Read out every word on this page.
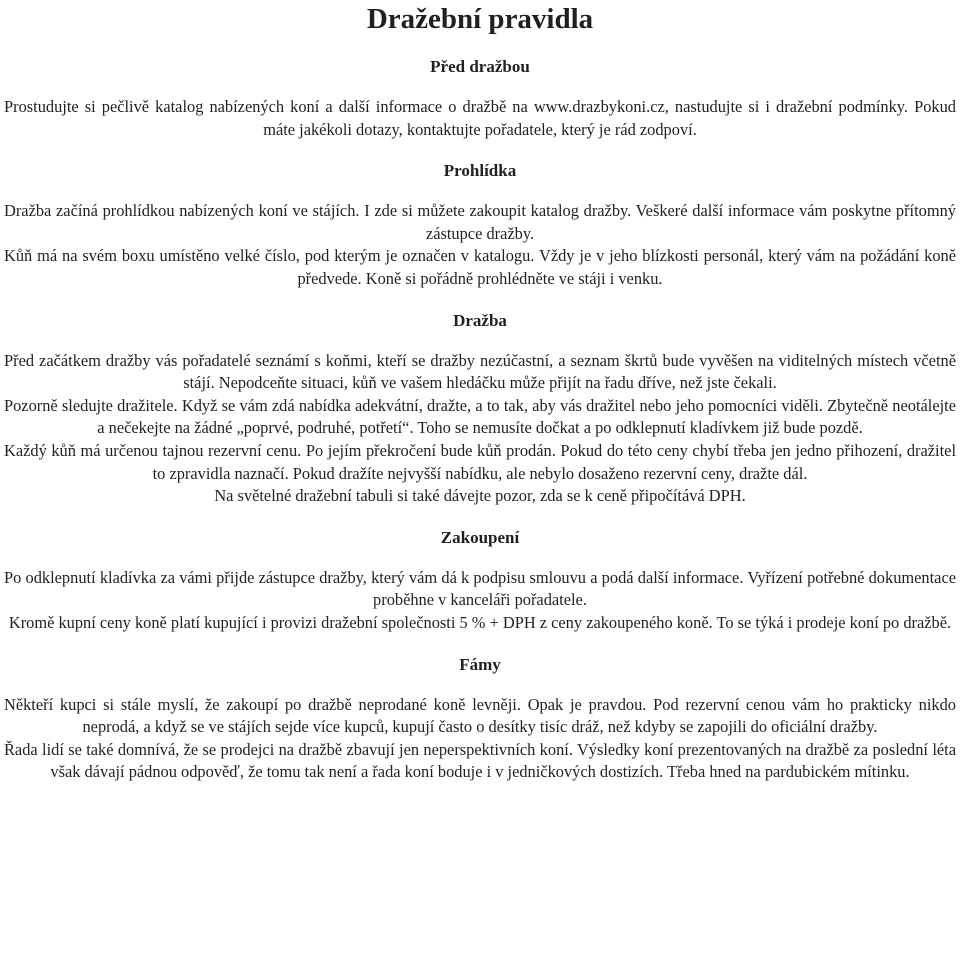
Dražební pravidla
Před dražbou

Prostudujte si pečlivě katalog nabízených koní a další informace o dražbě na www.drazbykoni.cz, nastudujte si i dražební podmínky. Pokud máte jakékoli dotazy, kontaktujte pořadatele, který je rád zodpoví.

Prohlídka

Dražba začíná prohlídkou nabízených koní ve stájích. I zde si můžete zakoupit katalog dražby. Veškeré další informace vám poskytne přítomný zástupce dražby.

Kůň má na svém boxu umístěno velké číslo, pod kterým je označen v katalogu. Vždy je v jeho blízkosti personál, který vám na požádání koně předvede. Koně si pořádně prohlédněte ve stáji i venku.

Dražba

Před začátkem dražby vás pořadatelé seznámí s koňmi, kteří se dražby nezúčastní, a seznam škrtů bude vyvěšen na viditelných místech včetně stájí. Nepodceňte situaci, kůň ve vašem hledáčku může přijít na řadu dříve, než jste čekali.

Pozorně sledujte dražitele. Když se vám zdá nabídka adekvátní, dražte, a to tak, aby vás dražitel nebo jeho pomocníci viděli. Zbytečně neotálejte a nečekejte na žádné „poprvé, podruhé, potřetí“. Toho se nemusíte dočkat a po odklepnutí kladívkem již bude pozdě.

Každý kůň má určenou tajnou rezervní cenu. Po jejím překročení bude kůň prodán. Pokud do této ceny chybí třeba jen jedno přihození, dražitel to zpravidla naznačí. Pokud dražíte nejvyšší nabídku, ale nebylo dosaženo rezervní ceny, dražte dál.

Na světelné dražební tabuli si také dávejte pozor, zda se k ceně připočítává DPH.

Zakoupení

Po odklepnutí kladívka za vámi přijde zástupce dražby, který vám dá k podpisu smlouvu a podá další informace. Vyřízení potřebné dokumentace proběhne v kanceláři pořadatele.

Kromě kupní ceny koně platí kupující i provizi dražební společnosti 5 % + DPH z ceny zakoupeného koně. To se týká i prodeje koní po dražbě.

Fámy

Někteří kupci si stále myslí, že zakoupí po dražbě neprodané koně levněji. Opak je pravdou. Pod rezervní cenou vám ho prakticky nikdo neprodá, a když se ve stájích sejde více kupců, kupují často o desítky tisíc dráž, než kdyby se zapojili do oficiální dražby.

Řada lidí se také domnívá, že se prodejci na dražbě zbavují jen neperspektivních koní. Výsledky koní prezentovaných na dražbě za poslední léta však dávají pádnou odpověď, že tomu tak není a řada koní boduje i v jedničkových dostizích. Třeba hned na pardubickém mítinku.
